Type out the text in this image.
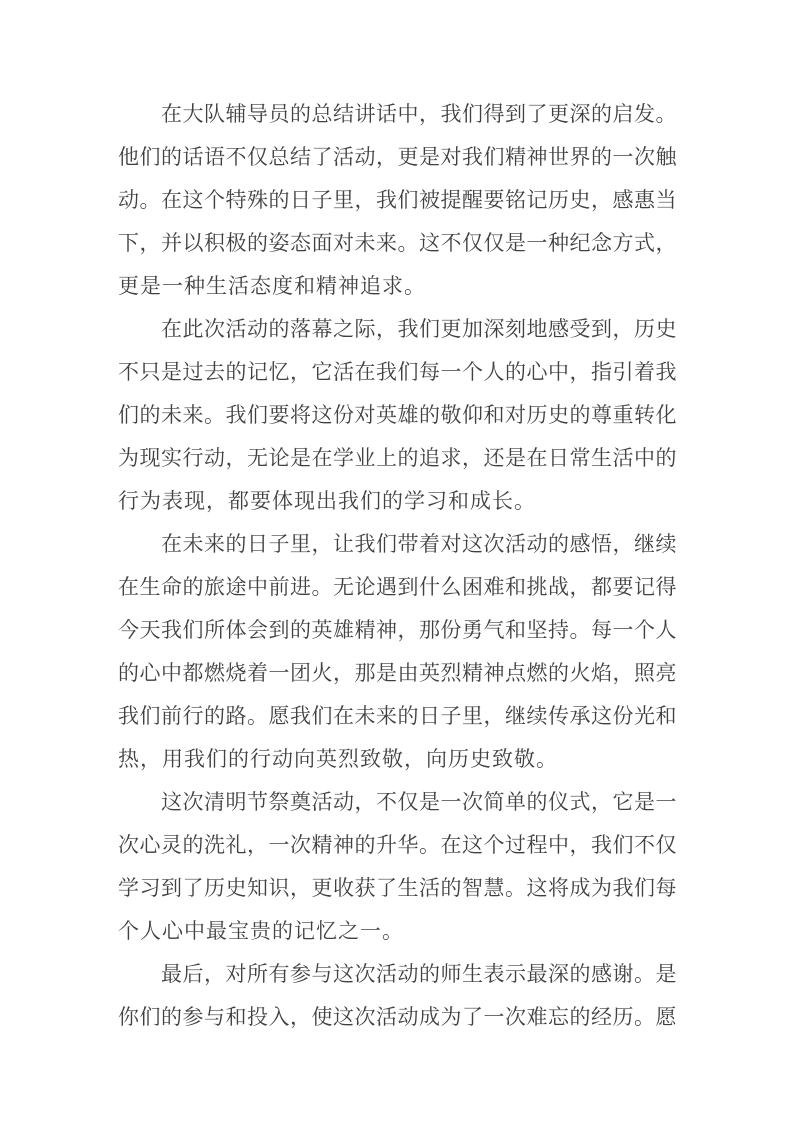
在大队辅导员的总结讲话中，我们得到了更深的启发。
他们的话语不仅总结了活动，更是对我们精神世界的一次触
动。在这个特殊的日子里，我们被提醒要铭记历史，感惠当
下，并以积极的姿态面对未来。这不仅仅是一种纪念方式，
更是一种生活态度和精神追求。
在此次活动的落幕之际，我们更加深刻地感受到，历史
不只是过去的记忆，它活在我们每一个人的心中，指引着我
们的未来。我们要将这份对英雄的敬仰和对历史的尊重转化
为现实行动，无论是在学业上的追求，还是在日常生活中的
行为表现，都要体现出我们的学习和成长。
在未来的日子里，让我们带着对这次活动的感悟，继续
在生命的旅途中前进。无论遇到什么困难和挑战，都要记得
今天我们所体会到的英雄精神，那份勇气和坚持。每一个人
的心中都燃烧着一团火，那是由英烈精神点燃的火焰，照亮
我们前行的路。愿我们在未来的日子里，继续传承这份光和
热，用我们的行动向英烈致敬，向历史致敬。
这次清明节祭奠活动，不仅是一次简单的仪式，它是一
次心灵的洗礼，一次精神的升华。在这个过程中，我们不仅
学习到了历史知识，更收获了生活的智慧。这将成为我们每
个人心中最宝贵的记忆之一。
最后，对所有参与这次活动的师生表示最深的感谢。是
你们的参与和投入，使这次活动成为了一次难忘的经历。愿
